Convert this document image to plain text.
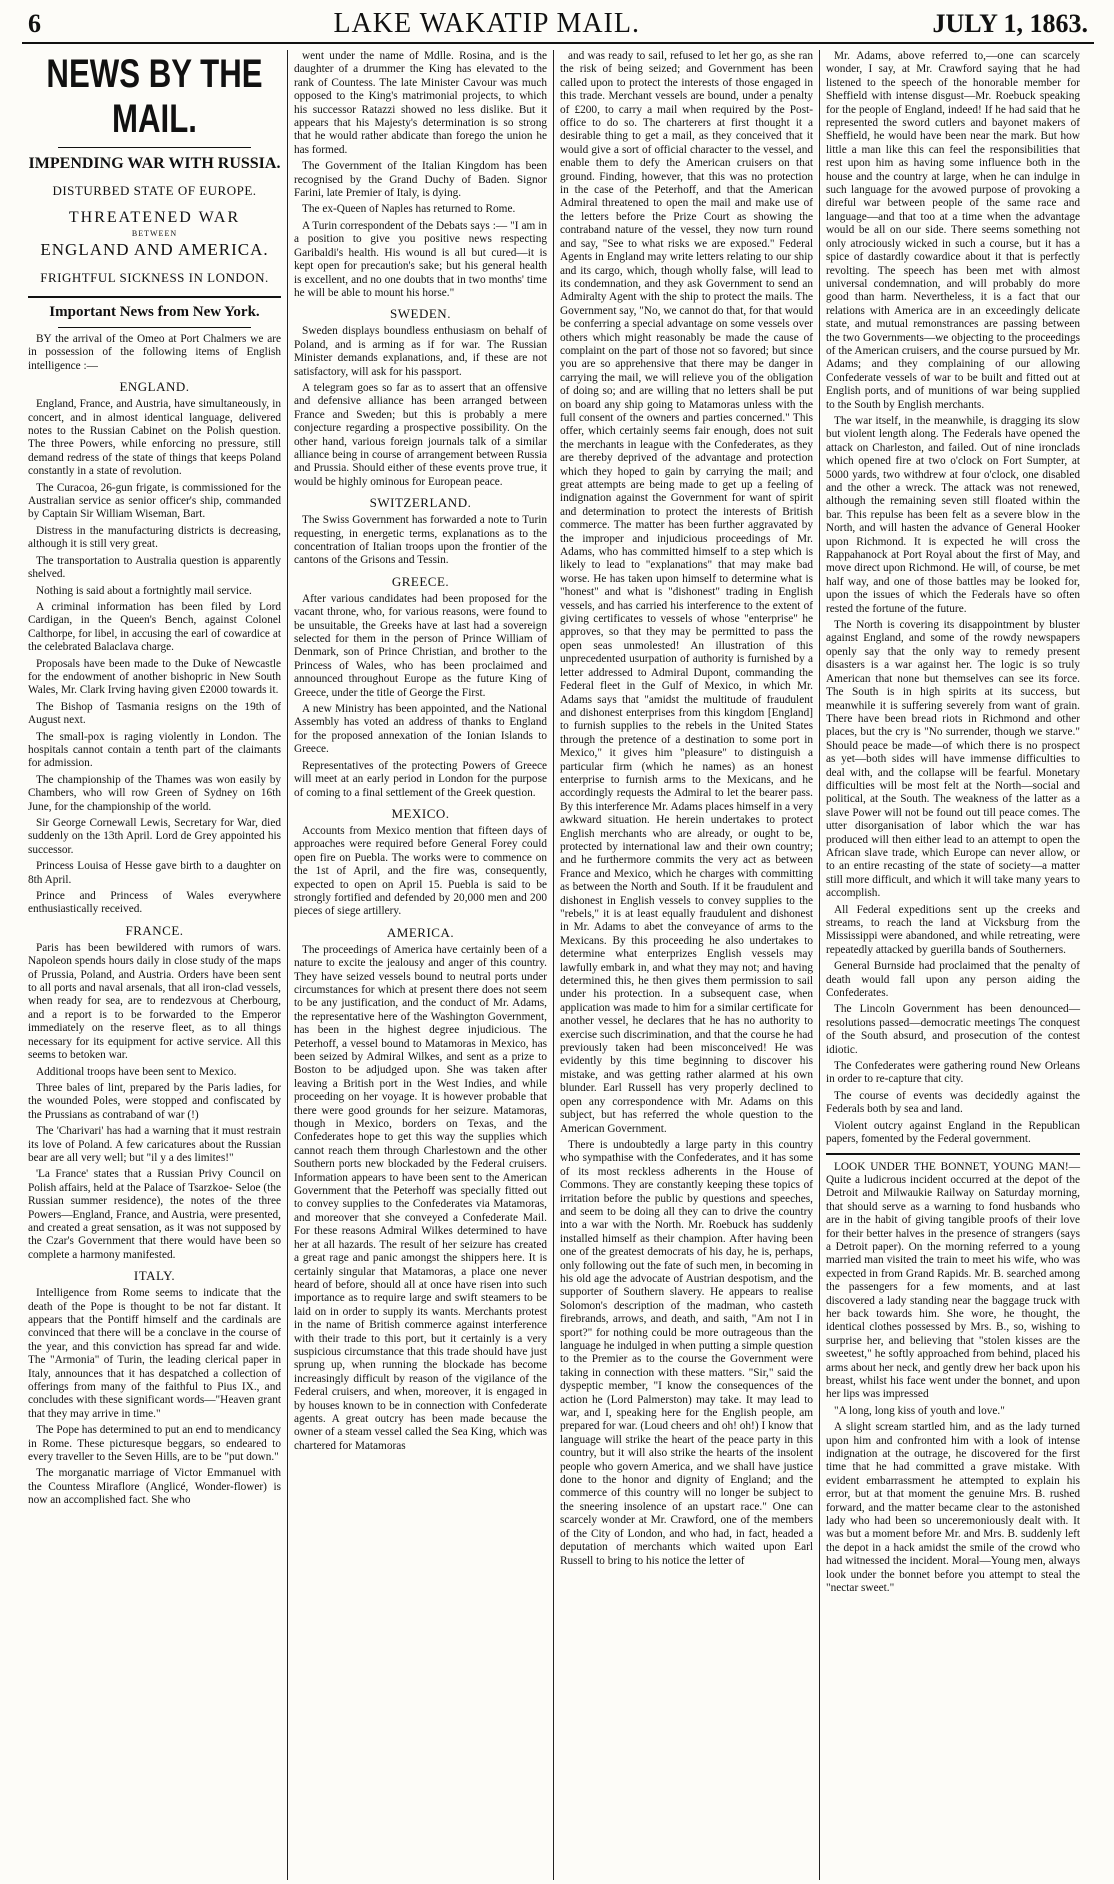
6	LAKE WAKATIP MAIL.	JULY 1, 1863.
NEWS BY THE MAIL.
IMPENDING WAR WITH RUSSIA.
DISTURBED STATE OF EUROPE.
THREATENED WAR
BETWEEN
ENGLAND AND AMERICA.
FRIGHTFUL SICKNESS IN LONDON.
Important News from New York.

BY the arrival of the Omeo at Port Chalmers we are in possession of the following items of English intelligence :—

ENGLAND.

England, France, and Austria, have simultaneously, in concert, and in almost identical language, delivered notes to the Russian Cabinet on the Polish question. The three Powers, while enforcing no pressure, still demand redress of the state of things that keeps Poland constantly in a state of revolution.

The Curacoa, 26-gun frigate, is commissioned for the Australian service as senior officer's ship, commanded by Captain Sir William Wiseman, Bart.

Distress in the manufacturing districts is decreasing, although it is still very great.

The transportation to Australia question is apparently shelved.

Nothing is said about a fortnightly mail service.

A criminal information has been filed by Lord Cardigan, in the Queen's Bench, against Colonel Calthorpe, for libel, in accusing the earl of cowardice at the celebrated Balaclava charge.

Proposals have been made to the Duke of Newcastle for the endowment of another bishopric in New South Wales, Mr. Clark Irving having given £2000 towards it.

The Bishop of Tasmania resigns on the 19th of August next.

The small-pox is raging violently in London. The hospitals cannot contain a tenth part of the claimants for admission.

The championship of the Thames was won easily by Chambers, who will row Green of Sydney on 16th June, for the championship of the world.

Sir George Cornewall Lewis, Secretary for War, died suddenly on the 13th April. Lord de Grey appointed his successor.

Princess Louisa of Hesse gave birth to a daughter on 8th April.

Prince and Princess of Wales everywhere enthusiastically received.

FRANCE.

Paris has been bewildered with rumors of wars. Napoleon spends hours daily in close study of the maps of Prussia, Poland, and Austria. Orders have been sent to all ports and naval arsenals, that all iron-clad vessels, when ready for sea, are to rendezvous at Cherbourg, and a report is to be forwarded to the Emperor immediately on the reserve fleet, as to all things necessary for its equipment for active service. All this seems to betoken war.

Additional troops have been sent to Mexico.

Three bales of lint, prepared by the Paris ladies, for the wounded Poles, were stopped and confiscated by the Prussians as contraband of war (!)

The 'Charivari' has had a warning that it must restrain its love of Poland. A few caricatures about the Russian bear are all very well; but "il y a des limites!"

'La France' states that a Russian Privy Council on Polish affairs, held at the Palace of Tsarzkoe- Seloe (the Russian summer residence), the notes of the three Powers—England, France, and Austria, were presented, and created a great sensation, as it was not supposed by the Czar's Government that there would have been so complete a harmony manifested.

ITALY.

Intelligence from Rome seems to indicate that the death of the Pope is thought to be not far distant. It appears that the Pontiff himself and the cardinals are convinced that there will be a conclave in the course of the year, and this conviction has spread far and wide. The "Armonia" of Turin, the leading clerical paper in Italy, announces that it has despatched a collection of offerings from many of the faithful to Pius IX., and concludes with these significant words—"Heaven grant that they may arrive in time."

The Pope has determined to put an end to mendicancy in Rome. These picturesque beggars, so endeared to every traveller to the Seven Hills, are to be "put down."

The morganatic marriage of Victor Emmanuel with the Countess Miraflore (Anglicé, Wonder-flower) is now an accomplished fact. She who

went under the name of Mdlle. Rosina, and is the daughter of a drummer the King has elevated to the rank of Countess. The late Minister Cavour was much opposed to the King's matrimonial projects, to which his successor Ratazzi showed no less dislike. But it appears that his Majesty's determination is so strong that he would rather abdicate than forego the union he has formed.

The Government of the Italian Kingdom has been recognised by the Grand Duchy of Baden. Signor Farini, late Premier of Italy, is dying.

The ex-Queen of Naples has returned to Rome.

A Turin correspondent of the Debats says :— "I am in a position to give you positive news respecting Garibaldi's health. His wound is all but cured—it is kept open for precaution's sake; but his general health is excellent, and no one doubts that in two months' time he will be able to mount his horse."

SWEDEN.

Sweden displays boundless enthusiasm on behalf of Poland, and is arming as if for war. The Russian Minister demands explanations, and, if these are not satisfactory, will ask for his passport.

A telegram goes so far as to assert that an offensive and defensive alliance has been arranged between France and Sweden; but this is probably a mere conjecture regarding a prospective possibility. On the other hand, various foreign journals talk of a similar alliance being in course of arrangement between Russia and Prussia. Should either of these events prove true, it would be highly ominous for European peace.

SWITZERLAND.

The Swiss Government has forwarded a note to Turin requesting, in energetic terms, explanations as to the concentration of Italian troops upon the frontier of the cantons of the Grisons and Tessin.

GREECE.

After various candidates had been proposed for the vacant throne, who, for various reasons, were found to be unsuitable, the Greeks have at last had a sovereign selected for them in the person of Prince William of Denmark, son of Prince Christian, and brother to the Princess of Wales, who has been proclaimed and announced throughout Europe as the future King of Greece, under the title of George the First.

A new Ministry has been appointed, and the National Assembly has voted an address of thanks to England for the proposed annexation of the Ionian Islands to Greece.

Representatives of the protecting Powers of Greece will meet at an early period in London for the purpose of coming to a final settlement of the Greek question.

MEXICO.

Accounts from Mexico mention that fifteen days of approaches were required before General Forey could open fire on Puebla. The works were to commence on the 1st of April, and the fire was, consequently, expected to open on April 15. Puebla is said to be strongly fortified and defended by 20,000 men and 200 pieces of siege artillery.

AMERICA.

The proceedings of America have certainly been of a nature to excite the jealousy and anger of this country. They have seized vessels bound to neutral ports under circumstances for which at present there does not seem to be any justification, and the conduct of Mr. Adams, the representative here of the Washington Government, has been in the highest degree injudicious. The Peterhoff, a vessel bound to Matamoras in Mexico, has been seized by Admiral Wilkes, and sent as a prize to Boston to be adjudged upon. She was taken after leaving a British port in the West Indies, and while proceeding on her voyage. It is however probable that there were good grounds for her seizure. Matamoras, though in Mexico, borders on Texas, and the Confederates hope to get this way the supplies which cannot reach them through Charlestown and the other Southern ports new blockaded by the Federal cruisers. Information appears to have been sent to the American Government that the Peterhoff was specially fitted out to convey supplies to the Confederates via Matamoras, and moreover that she conveyed a Confederate Mail. For these reasons Admiral Wilkes determined to have her at all hazards. The result of her seizure has created a great rage and panic amongst the shippers here. It is certainly singular that Matamoras, a place one never heard of before, should all at once have risen into such importance as to require large and swift steamers to be laid on in order to supply its wants. Merchants protest in the name of British commerce against interference with their trade to this port, but it certainly is a very suspicious circumstance that this trade should have just sprung up, when running the blockade has become increasingly difficult by reason of the vigilance of the Federal cruisers, and when, moreover, it is engaged in by houses known to be in connection with Confederate agents. A great outcry has been made because the owner of a steam vessel called the Sea King, which was chartered for Matamoras

and was ready to sail, refused to let her go, as she ran the risk of being seized; and Government has been called upon to protect the interests of those engaged in this trade. Merchant vessels are bound, under a penalty of £200, to carry a mail when required by the Post-office to do so. The charterers at first thought it a desirable thing to get a mail, as they conceived that it would give a sort of official character to the vessel, and enable them to defy the American cruisers on that ground. Finding, however, that this was no protection in the case of the Peterhoff, and that the American Admiral threatened to open the mail and make use of the letters before the Prize Court as showing the contraband nature of the vessel, they now turn round and say, "See to what risks we are exposed." Federal Agents in England may write letters relating to our ship and its cargo, which, though wholly false, will lead to its condemnation, and they ask Government to send an Admiralty Agent with the ship to protect the mails. The Government say, "No, we cannot do that, for that would be conferring a special advantage on some vessels over others which might reasonably be made the cause of complaint on the part of those not so favored; but since you are so apprehensive that there may be danger in carrying the mail, we will relieve you of the obligation of doing so; and are willing that no letters shall be put on board any ship going to Matamoras unless with the full consent of the owners and parties concerned." This offer, which certainly seems fair enough, does not suit the merchants in league with the Confederates, as they are thereby deprived of the advantage and protection which they hoped to gain by carrying the mail; and great attempts are being made to get up a feeling of indignation against the Government for want of spirit and determination to protect the interests of British commerce. The matter has been further aggravated by the improper and injudicious proceedings of Mr. Adams, who has committed himself to a step which is likely to lead to "explanations" that may make bad worse. He has taken upon himself to determine what is "honest" and what is "dishonest" trading in English vessels, and has carried his interference to the extent of giving certificates to vessels of whose "enterprise" he approves, so that they may be permitted to pass the open seas unmolested! An illustration of this unprecedented usurpation of authority is furnished by a letter addressed to Admiral Dupont, commanding the Federal fleet in the Gulf of Mexico, in which Mr. Adams says that "amidst the multitude of fraudulent and dishonest enterprises from this kingdom [England] to furnish supplies to the rebels in the United States through the pretence of a destination to some port in Mexico," it gives him "pleasure" to distinguish a particular firm (which he names) as an honest enterprise to furnish arms to the Mexicans, and he accordingly requests the Admiral to let the bearer pass. By this interference Mr. Adams places himself in a very awkward situation. He herein undertakes to protect English merchants who are already, or ought to be, protected by international law and their own country; and he furthermore commits the very act as between France and Mexico, which he charges with committing as between the North and South. If it be fraudulent and dishonest in English vessels to convey supplies to the "rebels," it is at least equally fraudulent and dishonest in Mr. Adams to abet the conveyance of arms to the Mexicans. By this proceeding he also undertakes to determine what enterprizes English vessels may lawfully embark in, and what they may not; and having determined this, he then gives them permission to sail under his protection. In a subsequent case, when application was made to him for a similar certificate for another vessel, he declares that he has no authority to exercise such discrimination, and that the course he had previously taken had been misconceived! He was evidently by this time beginning to discover his mistake, and was getting rather alarmed at his own blunder. Earl Russell has very properly declined to open any correspondence with Mr. Adams on this subject, but has referred the whole question to the American Government.

There is undoubtedly a large party in this country who sympathise with the Confederates, and it has some of its most reckless adherents in the House of Commons. They are constantly keeping these topics of irritation before the public by questions and speeches, and seem to be doing all they can to drive the country into a war with the North. Mr. Roebuck has suddenly installed himself as their champion. After having been one of the greatest democrats of his day, he is, perhaps, only following out the fate of such men, in becoming in his old age the advocate of Austrian despotism, and the supporter of Southern slavery. He appears to realise Solomon's description of the madman, who casteth firebrands, arrows, and death, and saith, "Am not I in sport?" for nothing could be more outrageous than the language he indulged in when putting a simple question to the Premier as to the course the Government were taking in connection with these matters. "Sir," said the dyspeptic member, "I know the consequences of the action he (Lord Palmerston) may take. It may lead to war, and I, speaking here for the English people, am prepared for war. (Loud cheers and oh! oh!) I know that language will strike the heart of the peace party in this country, but it will also strike the hearts of the insolent people who govern America, and we shall have justice done to the honor and dignity of England; and the commerce of this country will no longer be subject to the sneering insolence of an upstart race." One can scarcely wonder at Mr. Crawford, one of the members of the City of London, and who had, in fact, headed a deputation of merchants which waited upon Earl Russell to bring to his notice the letter of

Mr. Adams, above referred to,—one can scarcely wonder, I say, at Mr. Crawford saying that he had listened to the speech of the honorable member for Sheffield with intense disgust—Mr. Roebuck speaking for the people of England, indeed! If he had said that he represented the sword cutlers and bayonet makers of Sheffield, he would have been near the mark. But how little a man like this can feel the responsibilities that rest upon him as having some influence both in the house and the country at large, when he can indulge in such language for the avowed purpose of provoking a direful war between people of the same race and language—and that too at a time when the advantage would be all on our side. There seems something not only atrociously wicked in such a course, but it has a spice of dastardly cowardice about it that is perfectly revolting. The speech has been met with almost universal condemnation, and will probably do more good than harm. Nevertheless, it is a fact that our relations with America are in an exceedingly delicate state, and mutual remonstrances are passing between the two Governments—we objecting to the proceedings of the American cruisers, and the course pursued by Mr. Adams; and they complaining of our allowing Confederate vessels of war to be built and fitted out at English ports, and of munitions of war being supplied to the South by English merchants.

The war itself, in the meanwhile, is dragging its slow but violent length along. The Federals have opened the attack on Charleston, and failed. Out of nine ironclads which opened fire at two o'clock on Fort Sumpter, at 5000 yards, two withdrew at four o'clock, one disabled and the other a wreck. The attack was not renewed, although the remaining seven still floated within the bar. This repulse has been felt as a severe blow in the North, and will hasten the advance of General Hooker upon Richmond. It is expected he will cross the Rappahanock at Port Royal about the first of May, and move direct upon Richmond. He will, of course, be met half way, and one of those battles may be looked for, upon the issues of which the Federals have so often rested the fortune of the future.

The North is covering its disappointment by bluster against England, and some of the rowdy newspapers openly say that the only way to remedy present disasters is a war against her. The logic is so truly American that none but themselves can see its force. The South is in high spirits at its success, but meanwhile it is suffering severely from want of grain. There have been bread riots in Richmond and other places, but the cry is "No surrender, though we starve." Should peace be made—of which there is no prospect as yet—both sides will have immense difficulties to deal with, and the collapse will be fearful. Monetary difficulties will be most felt at the North—social and political, at the South. The weakness of the latter as a slave Power will not be found out till peace comes. The utter disorganisation of labor which the war has produced will then either lead to an attempt to open the African slave trade, which Europe can never allow, or to an entire recasting of the state of society—a matter still more difficult, and which it will take many years to accomplish.

All Federal expeditions sent up the creeks and streams, to reach the land at Vicksburg from the Mississippi were abandoned, and while retreating, were repeatedly attacked by guerilla bands of Southerners.

General Burnside had proclaimed that the penalty of death would fall upon any person aiding the Confederates.

The Lincoln Government has been denounced—resolutions passed—democratic meetings The conquest of the South absurd, and prosecution of the contest idiotic.

The Confederates were gathering round New Orleans in order to re-capture that city.

The course of events was decidedly against the Federals both by sea and land.

Violent outcry against England in the Republican papers, fomented by the Federal government.

LOOK UNDER THE BONNET, YOUNG MAN!—Quite a ludicrous incident occurred at the depot of the Detroit and Milwaukie Railway on Saturday morning, that should serve as a warning to fond husbands who are in the habit of giving tangible proofs of their love for their better halves in the presence of strangers (says a Detroit paper). On the morning referred to a young married man visited the train to meet his wife, who was expected in from Grand Rapids. Mr. B. searched among the passengers for a few moments, and at last discovered a lady standing near the baggage truck with her back towards him. She wore, he thought, the identical clothes possessed by Mrs. B., so, wishing to surprise her, and believing that "stolen kisses are the sweetest," he softly approached from behind, placed his arms about her neck, and gently drew her back upon his breast, whilst his face went under the bonnet, and upon her lips was impressed

"A long, long kiss of youth and love."

A slight scream startled him, and as the lady turned upon him and confronted him with a look of intense indignation at the outrage, he discovered for the first time that he had committed a grave mistake. With evident embarrassment he attempted to explain his error, but at that moment the genuine Mrs. B. rushed forward, and the matter became clear to the astonished lady who had been so unceremoniously dealt with. It was but a moment before Mr. and Mrs. B. suddenly left the depot in a hack amidst the smile of the crowd who had witnessed the incident. Moral—Young men, always look under the bonnet before you attempt to steal the "nectar sweet."
